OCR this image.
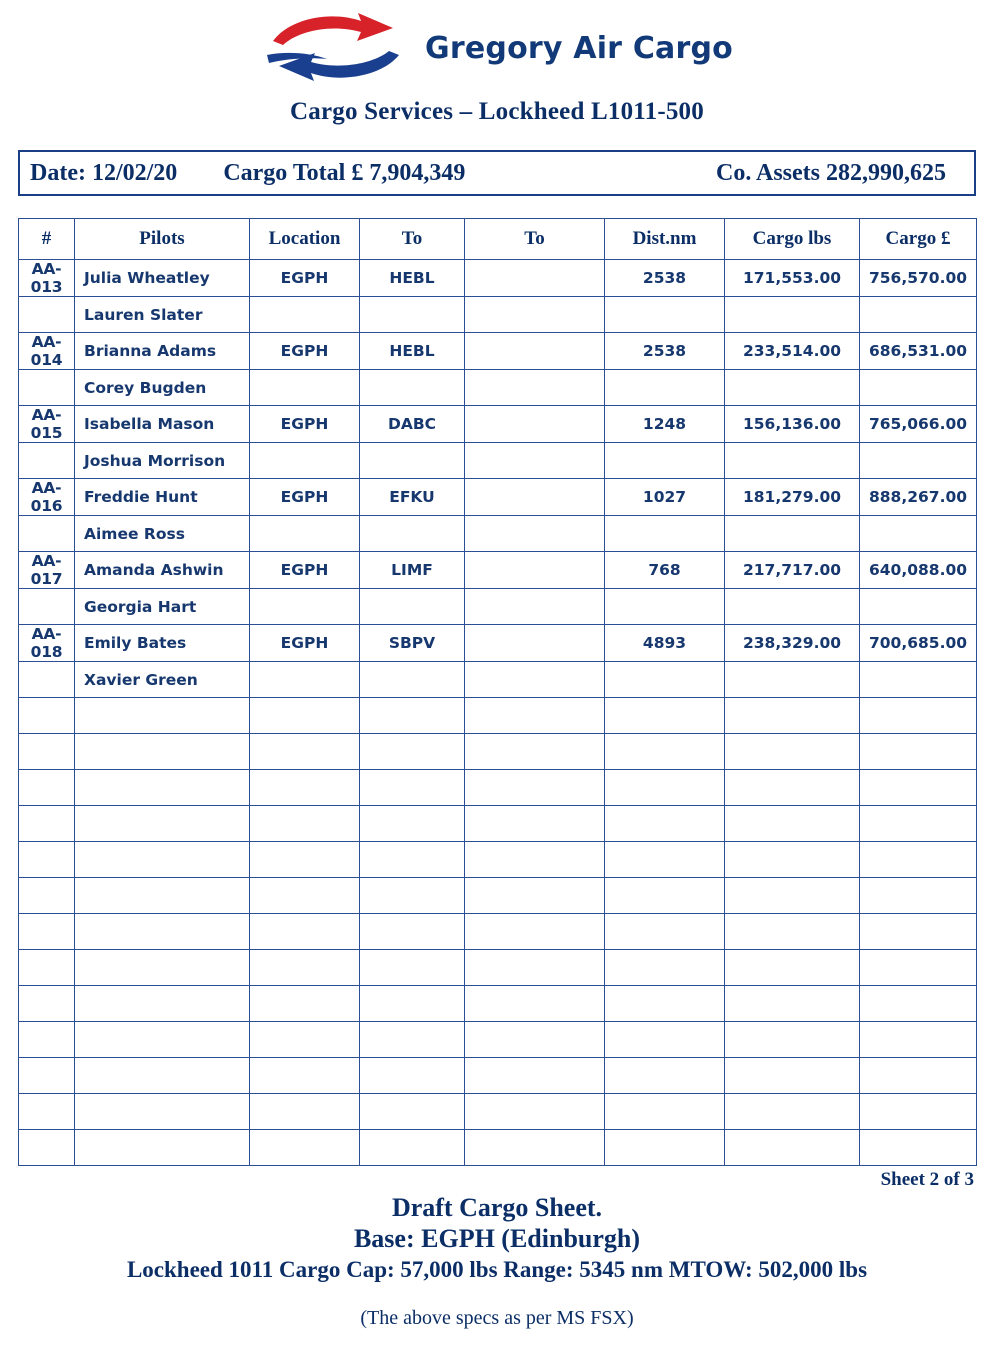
Gregory Air Cargo
Cargo Services – Lockheed L1011-500
Date: 12/02/20 Cargo Total £ 7,904,349	Co. Assets 282,990,625
#	Pilots	Location	To	To	Dist.nm	Cargo lbs	Cargo £
AA-013	Julia Wheatley	EGPH	HEBL		2538	171,553.00	756,570.00
	Lauren Slater						
AA-014	Brianna Adams	EGPH	HEBL		2538	233,514.00	686,531.00
	Corey Bugden						
AA-015	Isabella Mason	EGPH	DABC		1248	156,136.00	765,066.00
	Joshua Morrison						
AA-016	Freddie Hunt	EGPH	EFKU		1027	181,279.00	888,267.00
	Aimee Ross						
AA-017	Amanda Ashwin	EGPH	LIMF		768	217,717.00	640,088.00
	Georgia Hart						
AA-018	Emily Bates	EGPH	SBPV		4893	238,329.00	700,685.00
	Xavier Green						

Sheet 2 of 3
Draft Cargo Sheet.
Base: EGPH (Edinburgh)
Lockheed 1011 Cargo Cap: 57,000 lbs Range: 5345 nm MTOW: 502,000 lbs
(The above specs as per MS FSX)
